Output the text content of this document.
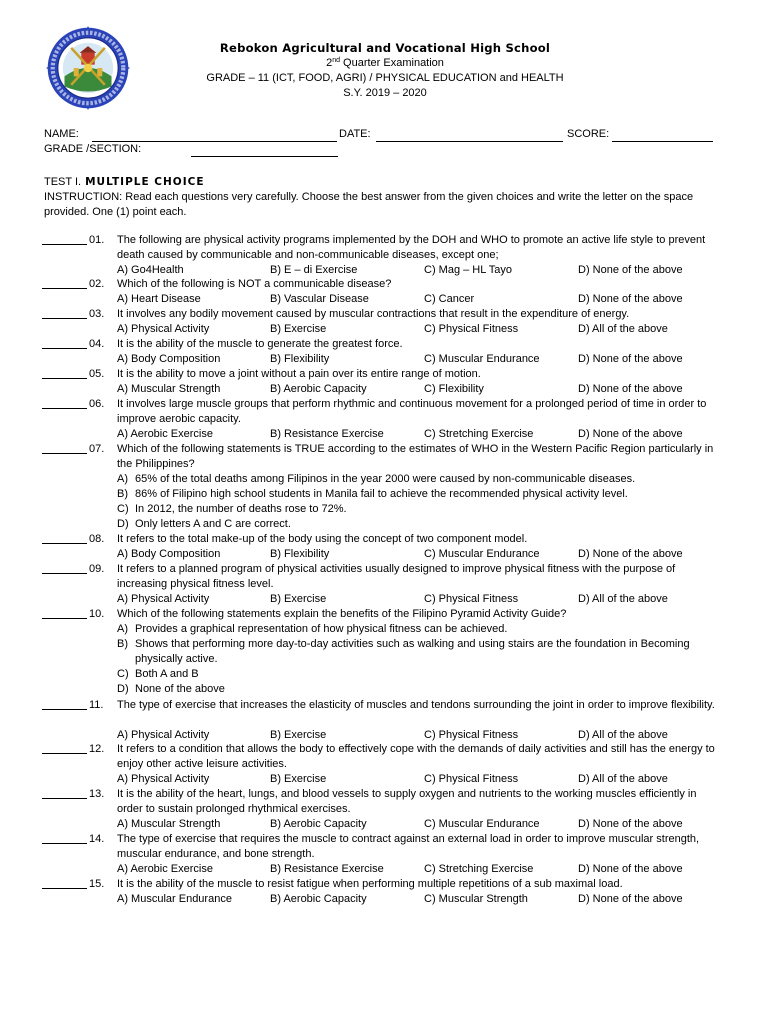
Rebokon Agricultural and Vocational High School
2nd Quarter Examination
GRADE – 11 (ICT, FOOD, AGRI) / PHYSICAL EDUCATION and HEALTH
S.Y. 2019 – 2020
NAME:	DATE:	SCORE:
GRADE /SECTION:
TEST I. MULTIPLE CHOICE
INSTRUCTION: Read each questions very carefully. Choose the best answer from the given choices and write the letter on the space provided. One (1) point each.
01. The following are physical activity programs implemented by the DOH and WHO to promote an active life style to prevent death caused by communicable and non-communicable diseases, except one;
A) Go4Health	B) E – di Exercise	C) Mag – HL Tayo	D) None of the above
02. Which of the following is NOT a communicable disease?
A) Heart Disease	B) Vascular Disease	C) Cancer	D) None of the above
03. It involves any bodily movement caused by muscular contractions that result in the expenditure of energy.
A) Physical Activity	B) Exercise	C) Physical Fitness	D) All of the above
04. It is the ability of the muscle to generate the greatest force.
A) Body Composition	B) Flexibility	C) Muscular Endurance	D) None of the above
05. It is the ability to move a joint without a pain over its entire range of motion.
A) Muscular Strength	B) Aerobic Capacity	C) Flexibility	D) None of the above
06. It involves large muscle groups that perform rhythmic and continuous movement for a prolonged period of time in order to improve aerobic capacity.
A) Aerobic Exercise	B) Resistance Exercise	C) Stretching Exercise	D) None of the above
07. Which of the following statements is TRUE according to the estimates of WHO in the Western Pacific Region particularly in the Philippines?
A) 65% of the total deaths among Filipinos in the year 2000 were caused by non-communicable diseases.
B) 86% of Filipino high school students in Manila fail to achieve the recommended physical activity level.
C) In 2012, the number of deaths rose to 72%.
D) Only letters A and C are correct.
08. It refers to the total make-up of the body using the concept of two component model.
A) Body Composition	B) Flexibility	C) Muscular Endurance	D) None of the above
09. It refers to a planned program of physical activities usually designed to improve physical fitness with the purpose of increasing physical fitness level.
A) Physical Activity	B) Exercise	C) Physical Fitness	D) All of the above
10. Which of the following statements explain the benefits of the Filipino Pyramid Activity Guide?
A) Provides a graphical representation of how physical fitness can be achieved.
B) Shows that performing more day-to-day activities such as walking and using stairs are the foundation in Becoming physically active.
C) Both A and B
D) None of the above
11. The type of exercise that increases the elasticity of muscles and tendons surrounding the joint in order to improve flexibility.
A) Physical Activity	B) Exercise	C) Physical Fitness	D) All of the above
12. It refers to a condition that allows the body to effectively cope with the demands of daily activities and still has the energy to enjoy other active leisure activities.
A) Physical Activity	B) Exercise	C) Physical Fitness	D) All of the above
13. It is the ability of the heart, lungs, and blood vessels to supply oxygen and nutrients to the working muscles efficiently in order to sustain prolonged rhythmical exercises.
A) Muscular Strength	B) Aerobic Capacity	C) Muscular Endurance	D) None of the above
14. The type of exercise that requires the muscle to contract against an external load in order to improve muscular strength, muscular endurance, and bone strength.
A) Aerobic Exercise	B) Resistance Exercise	C) Stretching Exercise	D) None of the above
15. It is the ability of the muscle to resist fatigue when performing multiple repetitions of a sub maximal load.
A) Muscular Endurance	B) Aerobic Capacity	C) Muscular Strength	D) None of the above
